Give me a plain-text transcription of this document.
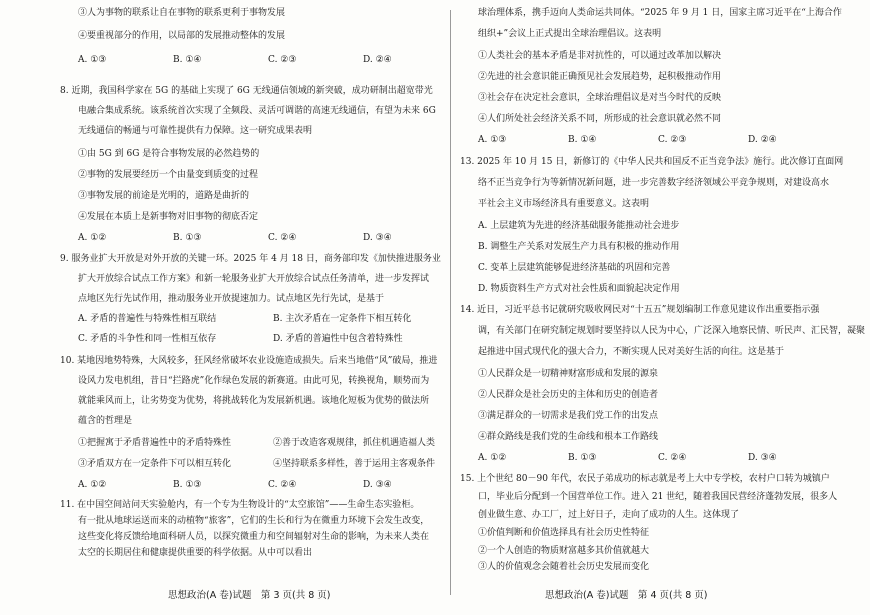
③人为事物的联系让自在事物的联系更利于事物发展
④要重视部分的作用，以局部的发展推动整体的发展
A. ①③	B. ①④	C. ②③	D. ②④
8. 近期，我国科学家在 5G 的基础上实现了 6G 无线通信领域的新突破，成功研制出超宽带光
电融合集成系统。该系统首次实现了全频段、灵活可调谐的高速无线通信，有望为未来 6G
无线通信的畅通与可靠性提供有力保障。这一研究成果表明
①由 5G 到 6G 是符合事物发展的必然趋势的
②事物的发展要经历一个由量变到质变的过程
③事物发展的前途是光明的，道路是曲折的
④发展在本质上是新事物对旧事物的彻底否定
A. ①②	B. ①③	C. ②④	D. ③④
9. 服务业扩大开放是对外开放的关键一环。2025 年 4 月 18 日，商务部印发《加快推进服务业
扩大开放综合试点工作方案》和新一轮服务业扩大开放综合试点任务清单，进一步发挥试
点地区先行先试作用，推动服务业开放提速加力。试点地区先行先试，是基于
A. 矛盾的普遍性与特殊性相互联结	B. 主次矛盾在一定条件下相互转化
C. 矛盾的斗争性和同一性相互依存	D. 矛盾的普遍性中包含着特殊性
10. 某地因地势特殊，大风较多，狂风经常破坏农业设施造成损失。后来当地借“风”破局，推进
设风力发电机组，昔日“拦路虎”化作绿色发展的新赛道。由此可见，转换视角，顺势而为
就能乘风而上，让劣势变为优势，将挑战转化为发展新机遇。该地化短板为优势的做法所
蕴含的哲理是
①把握寓于矛盾普遍性中的矛盾特殊性	②善于改造客观规律，抓住机遇造福人类
③矛盾双方在一定条件下可以相互转化	④坚持联系多样性，善于运用主客观条件
A. ①②	B. ①③	C. ②④	D. ③④
11. 在中国空间站问天实验舱内，有一个专为生物设计的“太空旅馆”——生命生态实验柜。
有一批从地球运送而来的动植物“旅客”，它们的生长和行为在微重力环境下会发生改变，
这些变化将反馈给地面科研人员，以探究微重力和空间辐射对生命的影响，为未来人类在
太空的长期居住和健康提供重要的科学依据。从中可以看出
球治理体系，携手迈向人类命运共同体。“2025 年 9 月 1 日，国家主席习近平在“上海合作
组织+”会议上正式提出全球治理倡议。这表明
①人类社会的基本矛盾是非对抗性的，可以通过改革加以解决
②先进的社会意识能正确预见社会发展趋势，起积极推动作用
③社会存在决定社会意识，全球治理倡议是对当今时代的反映
④人们所处社会经济关系不同，所形成的社会意识就必然不同
A. ①③	B. ①④	C. ②③	D. ②④
13. 2025 年 10 月 15 日，新修订的《中华人民共和国反不正当竞争法》施行。此次修订直面网
络不正当竞争行为等新情况新问题，进一步完善数字经济领域公平竞争规则，对建设高水
平社会主义市场经济具有重要意义。这表明
A. 上层建筑为先进的经济基础服务能推动社会进步
B. 调整生产关系对发展生产力具有积极的推动作用
C. 变革上层建筑能够促进经济基础的巩固和完善
D. 物质资料生产方式对社会性质和面貌起决定作用
14. 近日，习近平总书记就研究吸收网民对“十五五”规划编制工作意见建议作出重要指示强
调，有关部门在研究制定规划时要坚持以人民为中心，广泛深入地察民情、听民声、汇民智，凝聚
起推进中国式现代化的强大合力，不断实现人民对美好生活的向往。这是基于
①人民群众是一切精神财富形成和发展的源泉
②人民群众是社会历史的主体和历史的创造者
③满足群众的一切需求是我们党工作的出发点
④群众路线是我们党的生命线和根本工作路线
A. ①②	B. ①③	C. ②④	D. ③④
15. 上个世纪 80－90 年代，农民子弟成功的标志就是考上大中专学校，农村户口转为城镇户
口，毕业后分配到一个国营单位工作。进入 21 世纪，随着我国民营经济蓬勃发展，很多人
创业做生意、办工厂，过上好日子，走向了成功的人生。这体现了
①价值判断和价值选择具有社会历史性特征
②一个人创造的物质财富越多其价值就越大
③人的价值观念会随着社会历史发展而变化
思想政治(A 卷)试题　第 3 页(共 8 页)	思想政治(A 卷)试题　第 4 页(共 8 页)
